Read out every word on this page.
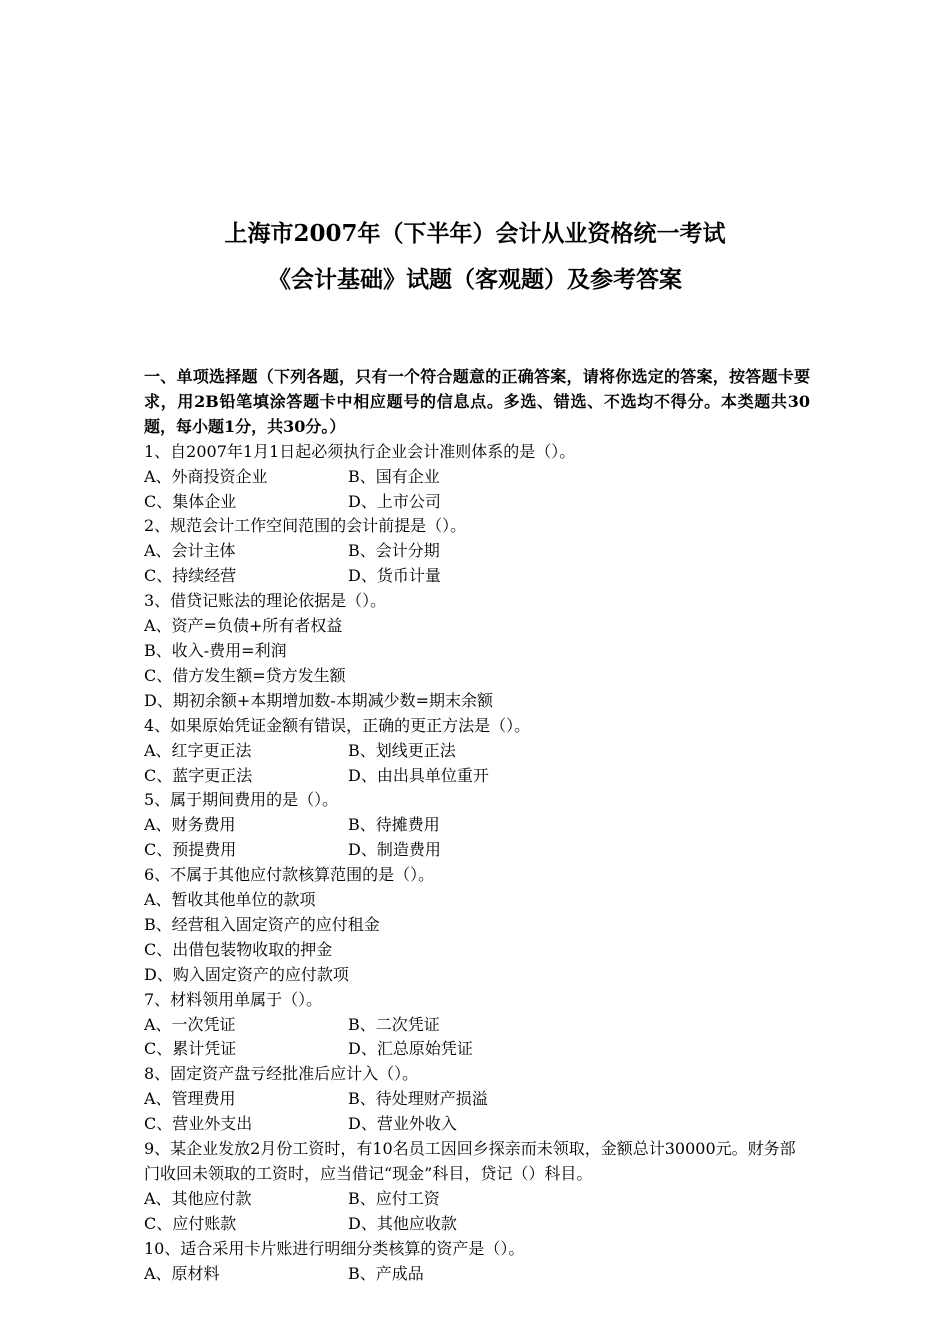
上海市2007年（下半年）会计从业资格统一考试

《会计基础》试题（客观题）及参考答案

一、单项选择题（下列各题，只有一个符合题意的正确答案，请将你选定的答案，按答题卡要求，用2B铅笔填涂答题卡中相应题号的信息点。多选、错选、不选均不得分。本类题共30题，每小题1分，共30分。）

1、自2007年1月1日起必须执行企业会计准则体系的是（）。

A、外商投资企业	B、国有企业
C、集体企业	D、上市公司

2、规范会计工作空间范围的会计前提是（）。

A、会计主体	B、会计分期
C、持续经营	D、货币计量

3、借贷记账法的理论依据是（）。

A、资产=负债+所有者权益
B、收入-费用=利润
C、借方发生额=贷方发生额
D、期初余额+本期增加数-本期减少数=期末余额

4、如果原始凭证金额有错误，正确的更正方法是（）。

A、红字更正法	B、划线更正法
C、蓝字更正法	D、由出具单位重开

5、属于期间费用的是（）。

A、财务费用	B、待摊费用
C、预提费用	D、制造费用

6、不属于其他应付款核算范围的是（）。

A、暂收其他单位的款项
B、经营租入固定资产的应付租金
C、出借包装物收取的押金
D、购入固定资产的应付款项

7、材料领用单属于（）。

A、一次凭证	B、二次凭证
C、累计凭证	D、汇总原始凭证

8、固定资产盘亏经批准后应计入（）。

A、管理费用	B、待处理财产损溢
C、营业外支出	D、营业外收入

9、某企业发放2月份工资时，有10名员工因回乡探亲而未领取，金额总计30000元。财务部门收回未领取的工资时，应当借记“现金”科目，贷记（）科目。

A、其他应付款	B、应付工资
C、应付账款	D、其他应收款

10、适合采用卡片账进行明细分类核算的资产是（）。

A、原材料	B、产成品
